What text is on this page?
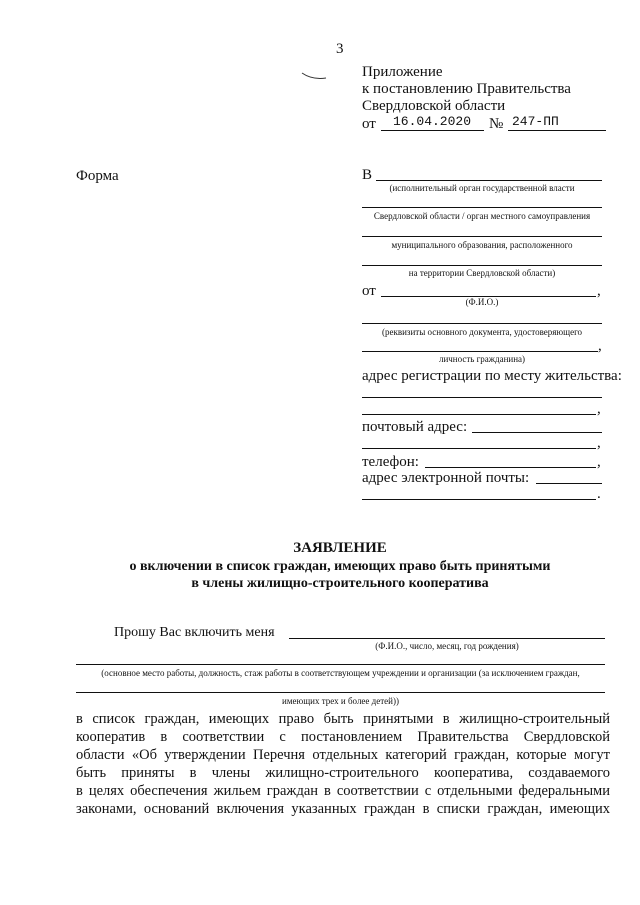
3
Приложение
к постановлению Правительства
Свердловской области
от 16.04.2020 № 247-ПП
Форма	В
(исполнительный орган государственной власти
Свердловской области / орган местного самоуправления
муниципального образования, расположенного
на территории Свердловской области)
от	,
(Ф.И.О.)
(реквизиты основного документа, удостоверяющего
,
личность гражданина)
адрес регистрации по месту жительства:
,
почтовый адрес:
,
телефон:	,
адрес электронной почты:
.
ЗАЯВЛЕНИЕ
о включении в список граждан, имеющих право быть принятыми
в члены жилищно-строительного кооператива
Прошу Вас включить меня
(Ф.И.О., число, месяц, год рождения)
(основное место работы, должность, стаж работы в соответствующем учреждении и организации (за исключением граждан,
имеющих трех и более детей))
в список граждан, имеющих право быть принятыми в жилищно-строительный
кооператив в соответствии с постановлением Правительства Свердловской
области «Об утверждении Перечня отдельных категорий граждан, которые могут
быть приняты в члены жилищно-строительного кооператива, создаваемого
в целях обеспечения жильем граждан в соответствии с отдельными федеральными
законами, оснований включения указанных граждан в списки граждан, имеющих
